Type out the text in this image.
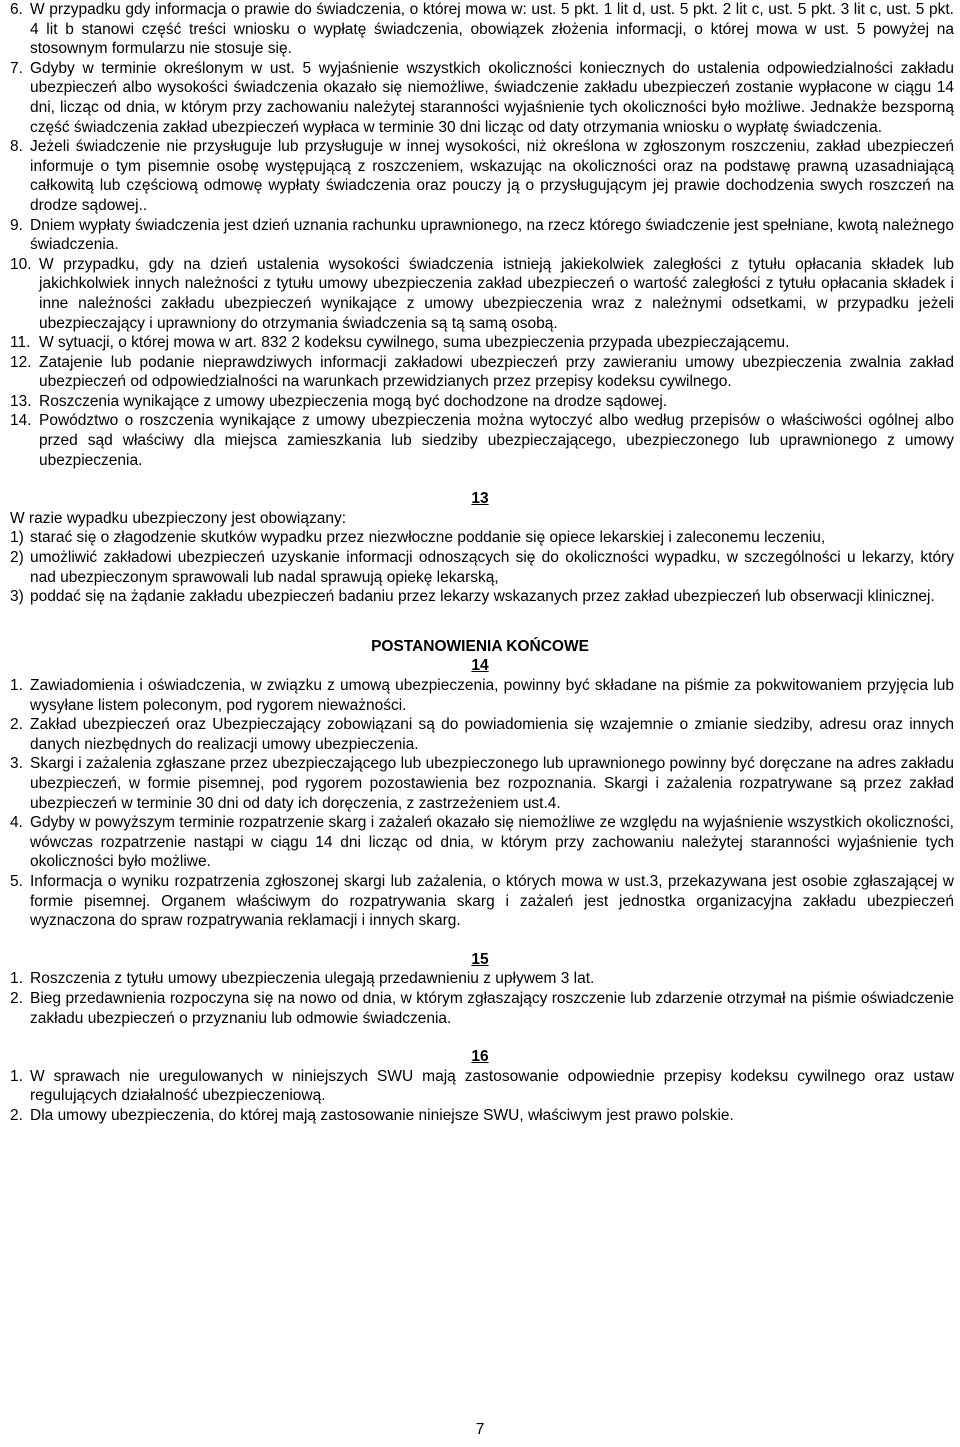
6. W przypadku gdy informacja o prawie do świadczenia, o której mowa w: ust. 5 pkt. 1 lit d, ust. 5 pkt. 2 lit c, ust. 5 pkt. 3 lit c, ust. 5 pkt. 4 lit b stanowi część treści wniosku o wypłatę świadczenia, obowiązek złożenia informacji, o której mowa w ust. 5 powyżej na stosownym formularzu nie stosuje się.
7. Gdyby w terminie określonym w ust. 5 wyjaśnienie wszystkich okoliczności koniecznych do ustalenia odpowiedzialności zakładu ubezpieczeń albo wysokości świadczenia okazało się niemożliwe, świadczenie zakładu ubezpieczeń zostanie wypłacone w ciągu 14 dni, licząc od dnia, w którym przy zachowaniu należytej staranności wyjaśnienie tych okoliczności było możliwe. Jednakże bezsporną część świadczenia zakład ubezpieczeń wypłaca w terminie 30 dni licząc od daty otrzymania wniosku o wypłatę świadczenia.
8. Jeżeli świadczenie nie przysługuje lub przysługuje w innej wysokości, niż określona w zgłoszonym roszczeniu, zakład ubezpieczeń informuje o tym pisemnie osobę występującą z roszczeniem, wskazując na okoliczności oraz na podstawę prawną uzasadniającą całkowitą lub częściową odmowę wypłaty świadczenia oraz pouczy ją o przysługującym jej prawie dochodzenia swych roszczeń na drodze sądowej..
9. Dniem wypłaty świadczenia jest dzień uznania rachunku uprawnionego, na rzecz którego świadczenie jest spełniane, kwotą należnego świadczenia.
10. W przypadku, gdy na dzień ustalenia wysokości świadczenia istnieją jakiekolwiek zaległości z tytułu opłacania składek lub jakichkolwiek innych należności z tytułu umowy ubezpieczenia zakład ubezpieczeń o wartość zaległości z tytułu opłacania składek i inne należności zakładu ubezpieczeń wynikające z umowy ubezpieczenia wraz z należnymi odsetkami, w przypadku jeżeli ubezpieczający i uprawniony do otrzymania świadczenia są tą samą osobą.
11. W sytuacji, o której mowa w art. 832 2 kodeksu cywilnego, suma ubezpieczenia przypada ubezpieczającemu.
12. Zatajenie lub podanie nieprawdziwych informacji zakładowi ubezpieczeń przy zawieraniu umowy ubezpieczenia zwalnia zakład ubezpieczeń od odpowiedzialności na warunkach przewidzianych przez przepisy kodeksu cywilnego.
13. Roszczenia wynikające z umowy ubezpieczenia mogą być dochodzone na drodze sądowej.
14. Powództwo o roszczenia wynikające z umowy ubezpieczenia można wytoczyć albo według przepisów o właściwości ogólnej albo przed sąd właściwy dla miejsca zamieszkania lub siedziby ubezpieczającego, ubezpieczonego lub uprawnionego z umowy ubezpieczenia.

13

W razie wypadku ubezpieczony jest obowiązany:

1) starać się o złagodzenie skutków wypadku przez niezwłoczne poddanie się opiece lekarskiej i zaleconemu leczeniu,
2) umożliwić zakładowi ubezpieczeń uzyskanie informacji odnoszących się do okoliczności wypadku, w szczególności u lekarzy, który nad ubezpieczonym sprawowali lub nadal sprawują opiekę lekarską,
3) poddać się na żądanie zakładu ubezpieczeń badaniu przez lekarzy wskazanych przez zakład ubezpieczeń lub obserwacji klinicznej.

POSTANOWIENIA KOŃCOWE

14

1. Zawiadomienia i oświadczenia, w związku z umową ubezpieczenia, powinny być składane na piśmie za pokwitowaniem przyjęcia lub wysyłane listem poleconym, pod rygorem nieważności.
2. Zakład ubezpieczeń oraz Ubezpieczający zobowiązani są do powiadomienia się wzajemnie o zmianie siedziby, adresu oraz innych danych niezbędnych do realizacji umowy ubezpieczenia.
3. Skargi i zażalenia zgłaszane przez ubezpieczającego lub ubezpieczonego lub uprawnionego powinny być doręczane na adres zakładu ubezpieczeń, w formie pisemnej, pod rygorem pozostawienia bez rozpoznania. Skargi i zażalenia rozpatrywane są przez zakład ubezpieczeń w terminie 30 dni od daty ich doręczenia, z zastrzeżeniem ust.4.
4. Gdyby w powyższym terminie rozpatrzenie skarg i zażaleń okazało się niemożliwe ze względu na wyjaśnienie wszystkich okoliczności, wówczas rozpatrzenie nastąpi w ciągu 14 dni licząc od dnia, w którym przy zachowaniu należytej staranności wyjaśnienie tych okoliczności było możliwe.
5. Informacja o wyniku rozpatrzenia zgłoszonej skargi lub zażalenia, o których mowa w ust.3, przekazywana jest osobie zgłaszającej w formie pisemnej. Organem właściwym do rozpatrywania skarg i zażaleń jest jednostka organizacyjna zakładu ubezpieczeń wyznaczona do spraw rozpatrywania reklamacji i innych skarg.

15

1. Roszczenia z tytułu umowy ubezpieczenia ulegają przedawnieniu z upływem 3 lat.
2. Bieg przedawnienia rozpoczyna się na nowo od dnia, w którym zgłaszający roszczenie lub zdarzenie otrzymał na piśmie oświadczenie zakładu ubezpieczeń o przyznaniu lub odmowie świadczenia.

16

1. W sprawach nie uregulowanych w niniejszych SWU mają zastosowanie odpowiednie przepisy kodeksu cywilnego oraz ustaw regulujących działalność ubezpieczeniową.
2. Dla umowy ubezpieczenia, do której mają zastosowanie niniejsze SWU, właściwym jest prawo polskie.
7
